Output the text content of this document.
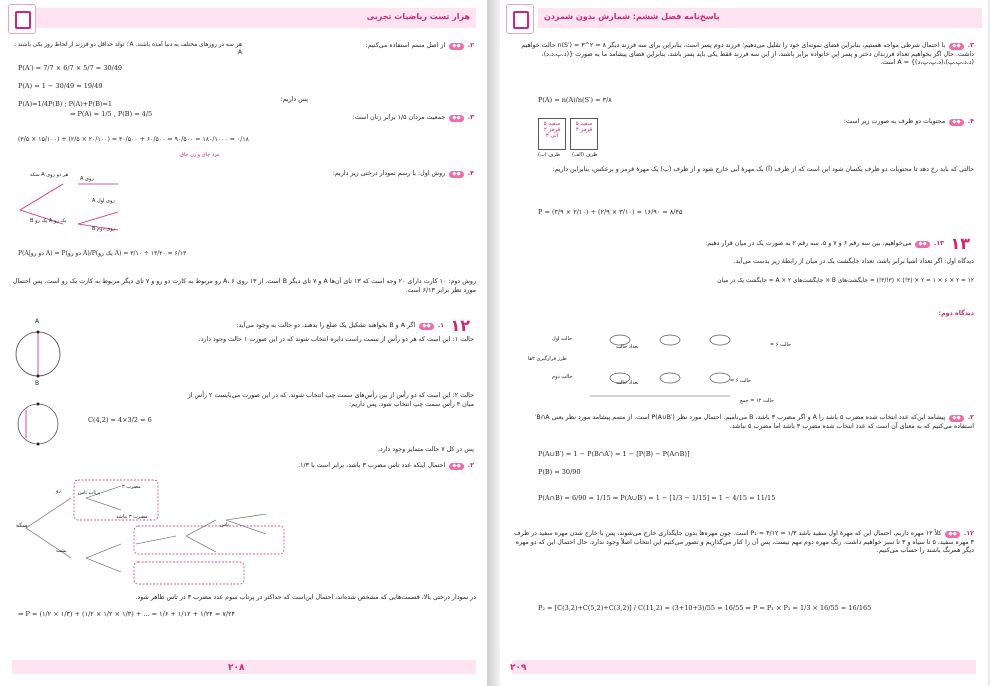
هزار تست ریاضیات تجربی
۲. ◆◆ از اصل متمم استفاده می‌کنیم:
هر سه در روزهای مختلف به دنیا آمده باشند. A′: تولد حداقل دو فرزند از لحاظ روز یکی باشند : A
P(A′) = 7/7 × 6/7 × 5/7 = 30/49
P(A) = 1 − 30/49 = 19/49
P(A)=1/4P(B) ; P(A)+P(B)=1
⇒ P(A) = 1/5 , P(B) = 4/5
پس داریم:
۳. ◆◆ جمعیت مردان ۱/۵ برابر زنان است:
(۳/۵ × ۱۵/۱۰۰) + (۲/۵ × ۲۰/۱۰۰) = ۳۰/۵۰۰ + ۶۰/۵۰۰ = ۹۰/۵۰۰ = ۱۸۰/۱۰۰۰ = ۰/۱۸
مرد چاق و زن چاق
۴. ◆◆ روش اول: با رسم نمودار درختی زیر داریم:
هر دو روی A سکه
روی A
روی اول A
یک رو A یک رو B
روی دوم B
P(A|دو رو A) = P(دو رو A)/P(یک رو A) = ۳/۱۰ ÷ ۱۳/۲۰ = ۶/۱۳
روش دوم: ۱۰ کارت دارای ۲۰ وجه است که ۱۳ تای آن‌ها A و ۷ تای دیگر B است. از ۱۳ روی A، ۶ رو مربوط به کارت دو رو و ۷ تای دیگر مربوط به کارت یک رو است. پس احتمال مورد نظر برابر ۶/۱۳ است.
۱۲
۱. ◆◆ اگر A و B بخواهند تشکیل یک ضلع را بدهند، دو حالت به وجود می‌آید:
حالت ۱: این است که هر دو رأس از سمت راست دایره انتخاب شوند که در این صورت ۱ حالت وجود دارد.
A
B
حالت ۲: این است که دو رأس از بین رأس‌های سمت چپ انتخاب شوند. که در این صورت می‌بایست ۲ رأس از میان ۴ رأس سمت چپ انتخاب شود. پس داریم:
C(4,2) = 4×3/2 = 6
پس در کل ۷ حالت متمایز وجود دارد.
۲. ◆◆ احتمال اینکه عدد تاس مضرب ۳ باشد، برابر است با ۱/۳.
سکه
رو	پرتاب تاس
پشت
مضرب ۳
مضرب ۳ نباشد
تاس
در نمودار درختی بالا، قسمت‌هایی که مشخص شده‌اند، احتمال این‌است که حداکثر در پرتاب سوم عدد مضرب ۳ در تاس ظاهر شود.
⇒ P = (۱/۲ × ۱/۳) + (۱/۲ × ۱/۲ × ۱/۳) + ... = ۱/۶ + ۱/۱۲ + ۱/۲۴ = ۷/۲۴
۲۰۸
پاسخ‌نامه فصل ششم: شمارش بدون شمردن
۳. ◆◆ با احتمال شرطی مواجه هستیم، بنابراین فضای نمونه‌ای خود را تقلیل می‌دهیم؛ فرزند دوم پسر است، بنابراین برای سه فرزند دیگر ۸ = ۲^۳ = n(S′) حالت خواهیم داشت. حال اگر بخواهیم تعداد فرزندان دختر و پسر این خانواده برابر باشند، از این سه فرزند فقط یکی باید پسر باشد، بنابراین فضای پیشامد ما به صورت {(د،پ،د،د)،(د،د،پ،پ)،(د،پ،پ،د)} = A است.
P(A) = n(A)/n(S′) = ۳/۸
۴. ◆◆ محتویات دو ظرف به صورت زیر است:
۵ سفید
۲ قرمز
۳ آبی
۵ سفید
۴ قرمز
ظرف (ب) ظرف (الف)
حالتی که باید رخ دهد تا محتویات دو ظرف یکسان شود این است که از ظرف (آ) یک مهرهٔ آبی خارج شود و از ظرف (ب) یک مهرهٔ قرمز و برعکس، بنابراین داریم:
P = (۳/۹ × ۲/۱۰) + (۲/۹ × ۳/۱۰) = ۱۶/۹۰ = ۸/۴۵
۱۳
۱۳. ◆◆ می‌خواهیم، بین سه رقم ۶ و ۷ و ۵، سه رقم ۲ به صورت یک در میان قرار دهیم:
دیدگاه اول: اگر تعداد اشیا برابر باشد، تعداد جایگشت یک در میان از رابطهٔ زیر بدست می‌آید.
۱۲ = ۲ × ۶ × ۱ = ۲ × (۳!) × (۳!/۳!) = جایگشت‌های B × جایگشت‌های A × ۲ = جایگشت یک در میان
دیدگاه دوم:
حالت اول
حالت دوم
طرز قرارگیری ۲ها
تعداد حالت
تعداد حالت
حالت ۶ =
حالت ۶ =
حالت ۱۲ = جمع
۲. ◆◆ پیشامد این‌که عدد انتخاب شده مضرب ۵ باشد را A و اگر مضرب ۳ باشد، B می‌نامیم. احتمال مورد نظر P(A∪B′) است. از متمم پیشامد مورد نظر یعنی B∩A′ استفاده می‌کنیم که به معنای آن است که عدد انتخاب شده مضرب ۳ باشد اما مضرب ۵ نباشد.
P(A∪B′) = 1 − P(B∩A′) = 1 − [P(B) − P(A∩B)]
P(B) = 30/90
P(A∩B) = 6/90 = 1/15 ⇒ P(A∪B′) = 1 − [1/3 − 1/15] = 1 − 4/15 = 11/15
۱۲. ◆◆ کلاً ۱۲ مهره داریم، احتمال این که مهرهٔ اول سفید باشد P₁ = ۴/۱۲ = ۱/۳ است. چون مهره‌ها بدون جایگذاری خارج می‌شوند، پس با خارج شدن مهره سفید در ظرف ۳ مهره سفید، ۵ تا سیاه و ۳ تا سبز خواهیم داشت. رنگ مهره دوم مهم نیست، پس آن را کنار می‌گذاریم و تصور می‌کنیم این انتخاب اصلاً وجود ندارد. حال احتمال این که دو مهره دیگر همرنگ باشند را حساب می‌کنیم.
P₂ = [C(3,2)+C(5,2)+C(3,2)] / C(11,2) = (3+10+3)/55 = 16/55 ⇒ P = P₁ × P₂ = 1/3 × 16/55 = 16/165
۲۰۹
